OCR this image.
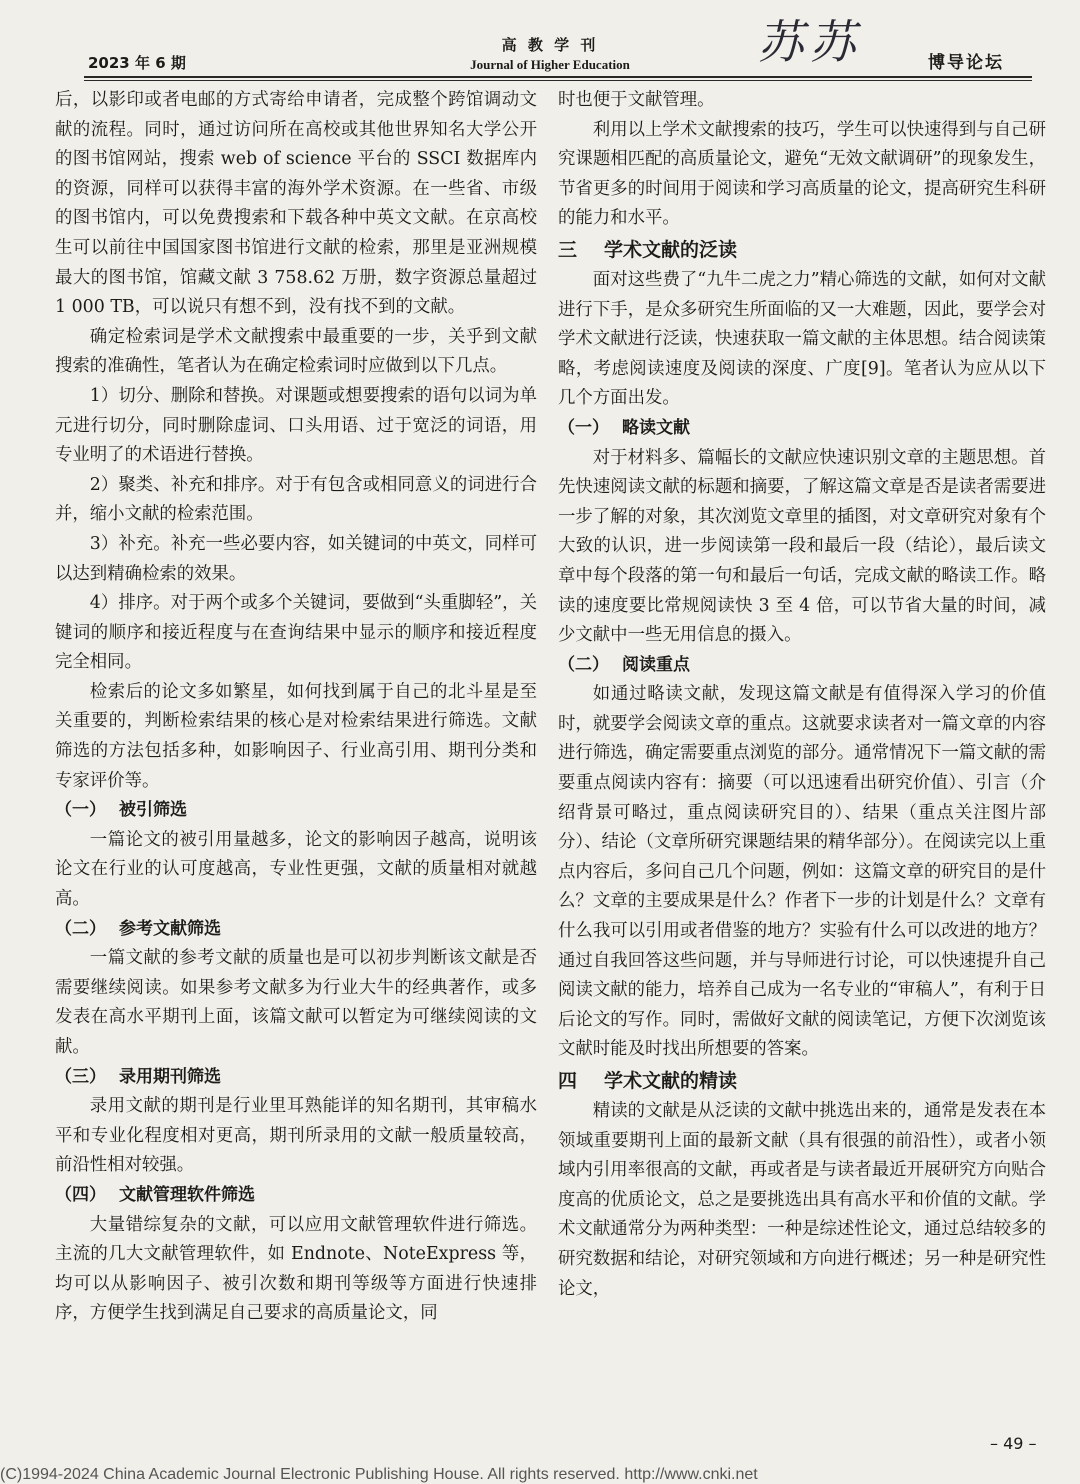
2023 年 6 期
高 教 学 刊
Journal of Higher Education	苏苏	博导论坛

后，以影印或者电邮的方式寄给申请者，完成整个跨馆调动文献的流程。同时，通过访问所在高校或其他世界知名大学公开的图书馆网站，搜索 web of science 平台的 SSCI 数据库内的资源，同样可以获得丰富的海外学术资源。在一些省、市级的图书馆内，可以免费搜索和下载各种中英文文献。在京高校生可以前往中国国家图书馆进行文献的检索，那里是亚洲规模最大的图书馆，馆藏文献 3 758.62 万册，数字资源总量超过 1 000 TB，可以说只有想不到，没有找不到的文献。

确定检索词是学术文献搜索中最重要的一步，关乎到文献搜索的准确性，笔者认为在确定检索词时应做到以下几点。

1）切分、删除和替换。对课题或想要搜索的语句以词为单元进行切分，同时删除虚词、口头用语、过于宽泛的词语，用专业明了的术语进行替换。

2）聚类、补充和排序。对于有包含或相同意义的词进行合并，缩小文献的检索范围。

3）补充。补充一些必要内容，如关键词的中英文，同样可以达到精确检索的效果。

4）排序。对于两个或多个关键词，要做到“头重脚轻”，关键词的顺序和接近程度与在查询结果中显示的顺序和接近程度完全相同。

检索后的论文多如繁星，如何找到属于自己的北斗星是至关重要的，判断检索结果的核心是对检索结果进行筛选。文献筛选的方法包括多种，如影响因子、行业高引用、期刊分类和专家评价等。

（一） 被引筛选

一篇论文的被引用量越多，论文的影响因子越高，说明该论文在行业的认可度越高，专业性更强，文献的质量相对就越高。

（二） 参考文献筛选

一篇文献的参考文献的质量也是可以初步判断该文献是否需要继续阅读。如果参考文献多为行业大牛的经典著作，或多发表在高水平期刊上面，该篇文献可以暂定为可继续阅读的文献。

（三） 录用期刊筛选

录用文献的期刊是行业里耳熟能详的知名期刊，其审稿水平和专业化程度相对更高，期刊所录用的文献一般质量较高，前沿性相对较强。

（四） 文献管理软件筛选

大量错综复杂的文献，可以应用文献管理软件进行筛选。主流的几大文献管理软件，如 Endnote、NoteExpress 等，均可以从影响因子、被引次数和期刊等级等方面进行快速排序，方便学生找到满足自己要求的高质量论文，同

时也便于文献管理。

利用以上学术文献搜索的技巧，学生可以快速得到与自己研究课题相匹配的高质量论文，避免“无效文献调研”的现象发生，节省更多的时间用于阅读和学习高质量的论文，提高研究生科研的能力和水平。

三 学术文献的泛读

面对这些费了“九牛二虎之力”精心筛选的文献，如何对文献进行下手，是众多研究生所面临的又一大难题，因此，要学会对学术文献进行泛读，快速获取一篇文献的主体思想。结合阅读策略，考虑阅读速度及阅读的深度、广度[9]。笔者认为应从以下几个方面出发。

（一） 略读文献

对于材料多、篇幅长的文献应快速识别文章的主题思想。首先快速阅读文献的标题和摘要，了解这篇文章是否是读者需要进一步了解的对象，其次浏览文章里的插图，对文章研究对象有个大致的认识，进一步阅读第一段和最后一段（结论），最后读文章中每个段落的第一句和最后一句话，完成文献的略读工作。略读的速度要比常规阅读快 3 至 4 倍，可以节省大量的时间，减少文献中一些无用信息的摄入。

（二） 阅读重点

如通过略读文献，发现这篇文献是有值得深入学习的价值时，就要学会阅读文章的重点。这就要求读者对一篇文章的内容进行筛选，确定需要重点浏览的部分。通常情况下一篇文献的需要重点阅读内容有：摘要（可以迅速看出研究价值）、引言（介绍背景可略过，重点阅读研究目的）、结果（重点关注图片部分）、结论（文章所研究课题结果的精华部分）。在阅读完以上重点内容后，多问自己几个问题，例如：这篇文章的研究目的是什么？文章的主要成果是什么？作者下一步的计划是什么？文章有什么我可以引用或者借鉴的地方？实验有什么可以改进的地方？通过自我回答这些问题，并与导师进行讨论，可以快速提升自己阅读文献的能力，培养自己成为一名专业的“审稿人”，有利于日后论文的写作。同时，需做好文献的阅读笔记，方便下次浏览该文献时能及时找出所想要的答案。

四 学术文献的精读

精读的文献是从泛读的文献中挑选出来的，通常是发表在本领域重要期刊上面的最新文献（具有很强的前沿性），或者小领域内引用率很高的文献，再或者是与读者最近开展研究方向贴合度高的优质论文，总之是要挑选出具有高水平和价值的文献。学术文献通常分为两种类型：一种是综述性论文，通过总结较多的研究数据和结论，对研究领域和方向进行概述；另一种是研究性论文，

– 49 –
(C)1994-2024 China Academic Journal Electronic Publishing House. All rights reserved. http://www.cnki.net
